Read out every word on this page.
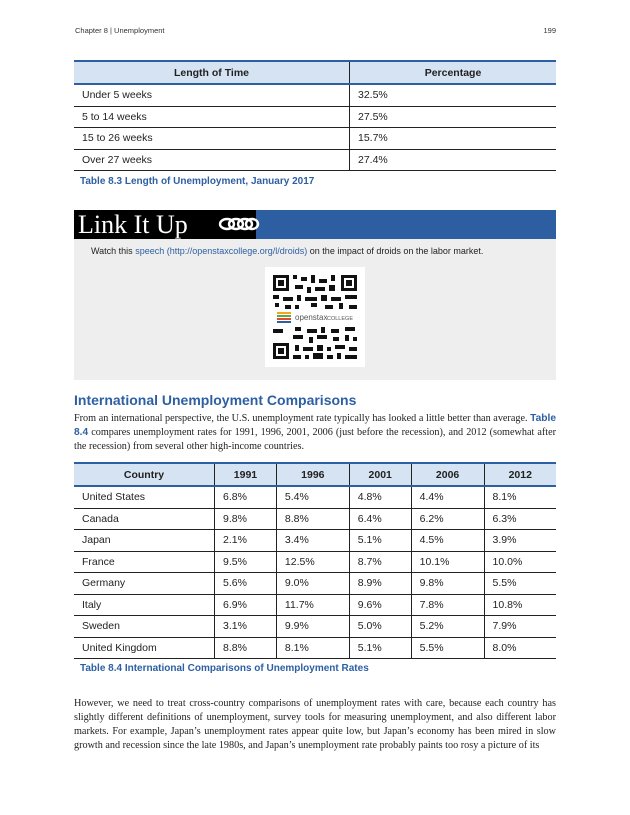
Chapter 8 | Unemployment	199
Length of Time	Percentage
Under 5 weeks	32.5%
5 to 14 weeks	27.5%
15 to 26 weeks	15.7%
Over 27 weeks	27.4%
Table 8.3 Length of Unemployment, January 2017
Link It Up
Watch this speech (http://openstaxcollege.org/l/droids) on the impact of droids on the labor market.
openstax COLLEGE
International Unemployment Comparisons

From an international perspective, the U.S. unemployment rate typically has looked a little better than average. Table 8.4 compares unemployment rates for 1991, 1996, 2001, 2006 (just before the recession), and 2012 (somewhat after the recession) from several other high-income countries.

Country	1991	1996	2001	2006	2012
United States	6.8%	5.4%	4.8%	4.4%	8.1%
Canada	9.8%	8.8%	6.4%	6.2%	6.3%
Japan	2.1%	3.4%	5.1%	4.5%	3.9%
France	9.5%	12.5%	8.7%	10.1%	10.0%
Germany	5.6%	9.0%	8.9%	9.8%	5.5%
Italy	6.9%	11.7%	9.6%	7.8%	10.8%
Sweden	3.1%	9.9%	5.0%	5.2%	7.9%
United Kingdom	8.8%	8.1%	5.1%	5.5%	8.0%
Table 8.4 International Comparisons of Unemployment Rates

However, we need to treat cross-country comparisons of unemployment rates with care, because each country has slightly different definitions of unemployment, survey tools for measuring unemployment, and also different labor markets. For example, Japan’s unemployment rates appear quite low, but Japan’s economy has been mired in slow growth and recession since the late 1980s, and Japan’s unemployment rate probably paints too rosy a picture of its
